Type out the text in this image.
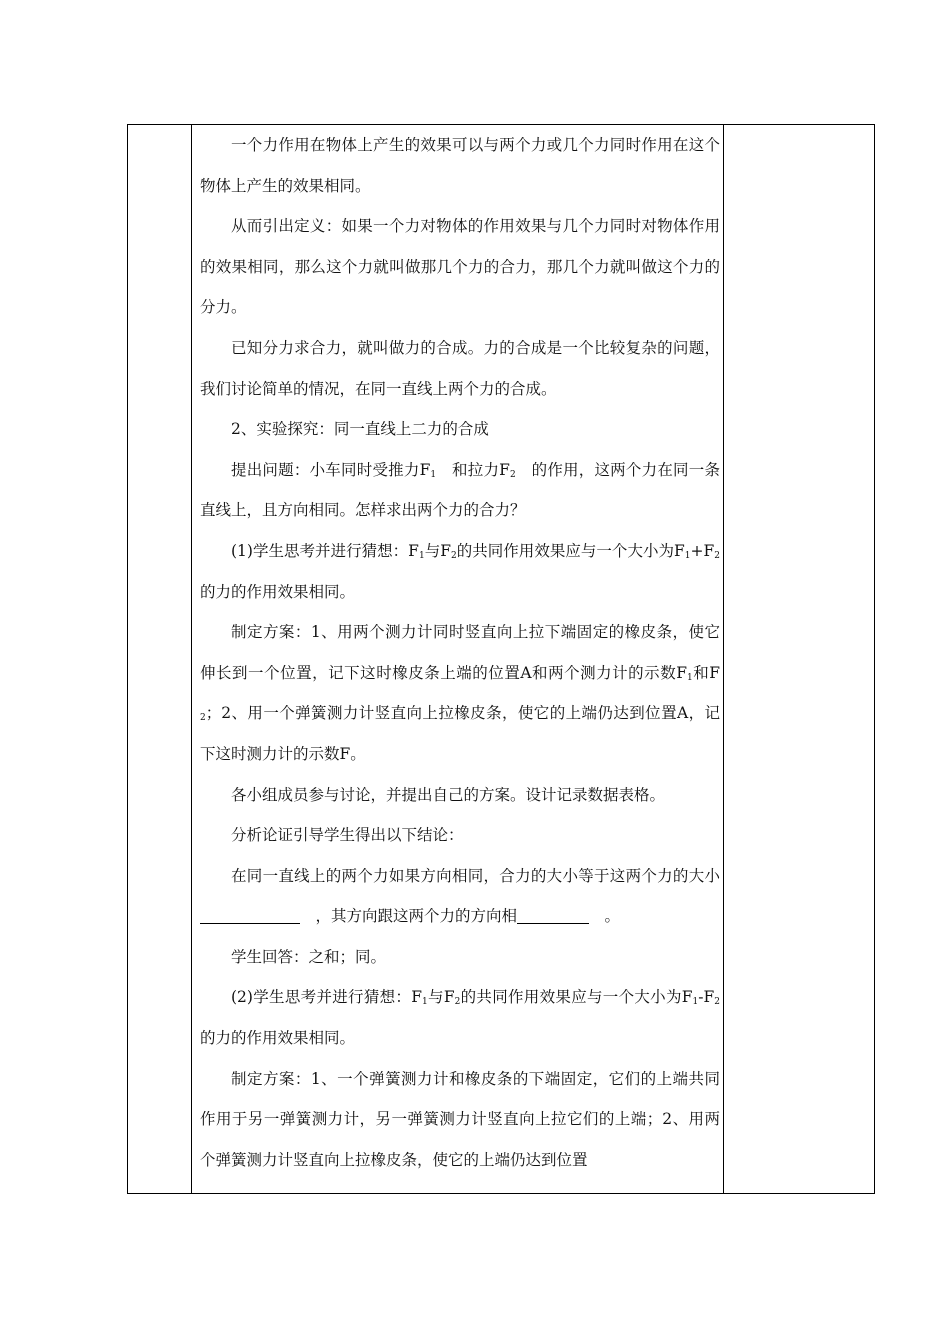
一个力作用在物体上产生的效果可以与两个力或几个力同时作用在这个物体上产生的效果相同。

从而引出定义：如果一个力对物体的作用效果与几个力同时对物体作用的效果相同，那么这个力就叫做那几个力的合力，那几个力就叫做这个力的分力。

已知分力求合力，就叫做力的合成。力的合成是一个比较复杂的问题，我们讨论简单的情况，在同一直线上两个力的合成。

2、实验探究：同一直线上二力的合成

提出问题：小车同时受推力$F_1$　和拉力$F_2$　的作用，这两个力在同一条直线上，且方向相同。怎样求出两个力的合力？

(1)学生思考并进行猜想：$F_1$与$F_2$的共同作用效果应与一个大小为$F_1+F_2$的力的作用效果相同。

制定方案：1、用两个测力计同时竖直向上拉下端固定的橡皮条，使它伸长到一个位置，记下这时橡皮条上端的位置A和两个测力计的示数$F_1$和$F_2$；2、用一个弹簧测力计竖直向上拉橡皮条，使它的上端仍达到位置A，记下这时测力计的示数F。

各小组成员参与讨论，并提出自己的方案。设计记录数据表格。

分析论证引导学生得出以下结论：

在同一直线上的两个力如果方向相同，合力的大小等于这两个力的大小　，其方向跟这两个力的方向相　	。

学生回答：之和；同。

(2)学生思考并进行猜想：$F_1$与$F_2$的共同作用效果应与一个大小为$F_1-F_2$的力的作用效果相同。

制定方案：1、一个弹簧测力计和橡皮条的下端固定，它们的上端共同作用于另一弹簧测力计，另一弹簧测力计竖直向上拉它们的上端；2、用两个弹簧测力计竖直向上拉橡皮条，使它的上端仍达到位置
